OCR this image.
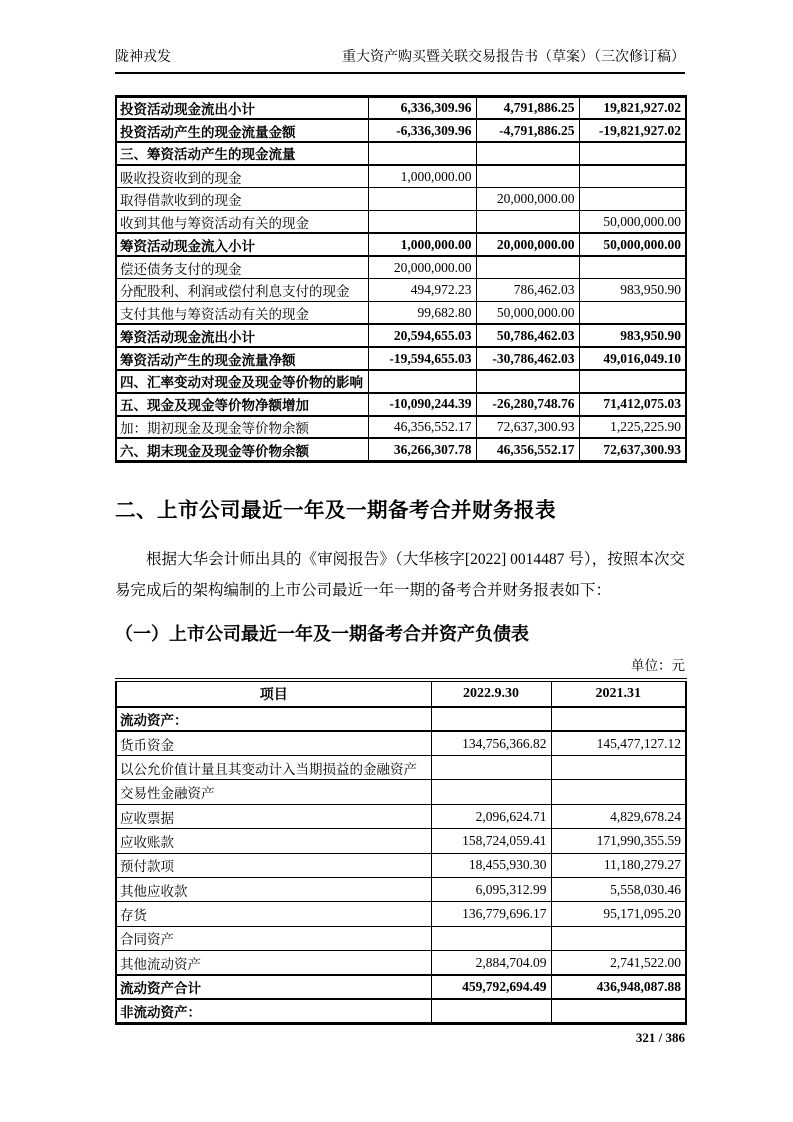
陇神戎发	重大资产购买暨关联交易报告书（草案）（三次修订稿）
投资活动现金流出小计	6,336,309.96	4,791,886.25	19,821,927.02
投资活动产生的现金流量金额	-6,336,309.96	-4,791,886.25	-19,821,927.02
三、筹资活动产生的现金流量			
吸收投资收到的现金	1,000,000.00		
取得借款收到的现金		20,000,000.00	
收到其他与筹资活动有关的现金			50,000,000.00
筹资活动现金流入小计	1,000,000.00	20,000,000.00	50,000,000.00
偿还债务支付的现金	20,000,000.00		
分配股利、利润或偿付利息支付的现金	494,972.23	786,462.03	983,950.90
支付其他与筹资活动有关的现金	99,682.80	50,000,000.00	
筹资活动现金流出小计	20,594,655.03	50,786,462.03	983,950.90
筹资活动产生的现金流量净额	-19,594,655.03	-30,786,462.03	49,016,049.10
四、汇率变动对现金及现金等价物的影响			
五、现金及现金等价物净额增加	-10,090,244.39	-26,280,748.76	71,412,075.03
加：期初现金及现金等价物余额	46,356,552.17	72,637,300.93	1,225,225.90
六、期末现金及现金等价物余额	36,266,307.78	46,356,552.17	72,637,300.93
二、上市公司最近一年及一期备考合并财务报表

根据大华会计师出具的《审阅报告》（大华核字[2022] 0014487 号），按照本次交易完成后的架构编制的上市公司最近一年一期的备考合并财务报表如下：

（一）上市公司最近一年及一期备考合并资产负债表
单位：元
项目	2022.9.30	2021.31
流动资产：		
货币资金	134,756,366.82	145,477,127.12
以公允价值计量且其变动计入当期损益的金融资产		
交易性金融资产		
应收票据	2,096,624.71	4,829,678.24
应收账款	158,724,059.41	171,990,355.59
预付款项	18,455,930.30	11,180,279.27
其他应收款	6,095,312.99	5,558,030.46
存货	136,779,696.17	95,171,095.20
合同资产		
其他流动资产	2,884,704.09	2,741,522.00
流动资产合计	459,792,694.49	436,948,087.88
非流动资产：		
321 / 386
